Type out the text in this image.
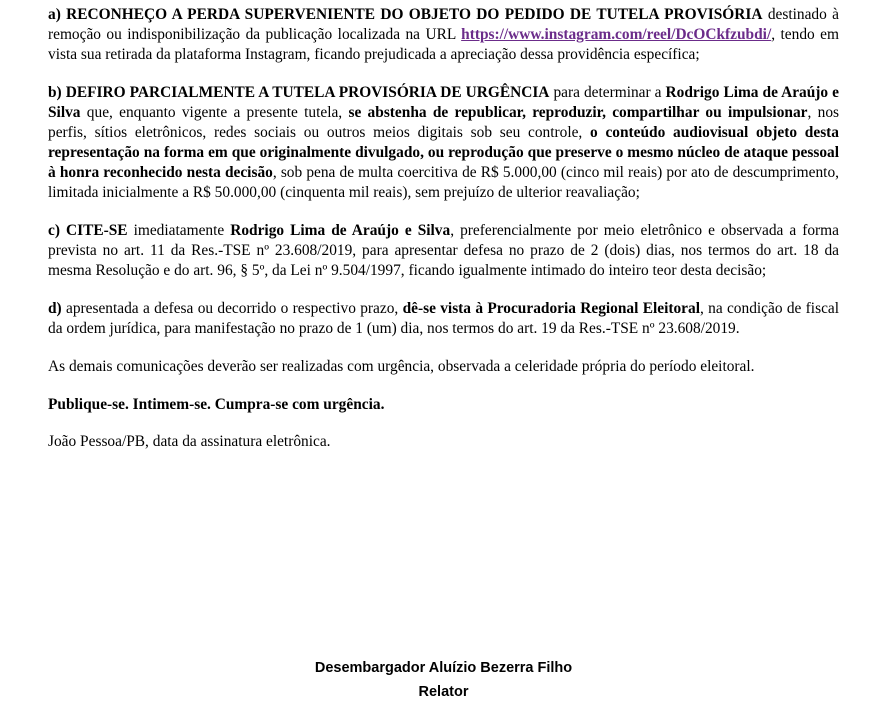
a) RECONHEÇO A PERDA SUPERVENIENTE DO OBJETO DO PEDIDO DE TUTELA PROVISÓRIA destinado à remoção ou indisponibilização da publicação localizada na URL https://www.instagram.com/reel/DcOCkfzubdi/, tendo em vista sua retirada da plataforma Instagram, ficando prejudicada a apreciação dessa providência específica;

b) DEFIRO PARCIALMENTE A TUTELA PROVISÓRIA DE URGÊNCIA para determinar a Rodrigo Lima de Araújo e Silva que, enquanto vigente a presente tutela, se abstenha de republicar, reproduzir, compartilhar ou impulsionar, nos perfis, sítios eletrônicos, redes sociais ou outros meios digitais sob seu controle, o conteúdo audiovisual objeto desta representação na forma em que originalmente divulgado, ou reprodução que preserve o mesmo núcleo de ataque pessoal à honra reconhecido nesta decisão, sob pena de multa coercitiva de R$ 5.000,00 (cinco mil reais) por ato de descumprimento, limitada inicialmente a R$ 50.000,00 (cinquenta mil reais), sem prejuízo de ulterior reavaliação;

c) CITE-SE imediatamente Rodrigo Lima de Araújo e Silva, preferencialmente por meio eletrônico e observada a forma prevista no art. 11 da Res.-TSE nº 23.608/2019, para apresentar defesa no prazo de 2 (dois) dias, nos termos do art. 18 da mesma Resolução e do art. 96, § 5º, da Lei nº 9.504/1997, ficando igualmente intimado do inteiro teor desta decisão;

d) apresentada a defesa ou decorrido o respectivo prazo, dê-se vista à Procuradoria Regional Eleitoral, na condição de fiscal da ordem jurídica, para manifestação no prazo de 1 (um) dia, nos termos do art. 19 da Res.-TSE nº 23.608/2019.

As demais comunicações deverão ser realizadas com urgência, observada a celeridade própria do período eleitoral.

Publique-se. Intimem-se. Cumpra-se com urgência.

João Pessoa/PB, data da assinatura eletrônica.

Desembargador Aluízio Bezerra Filho
Relator
